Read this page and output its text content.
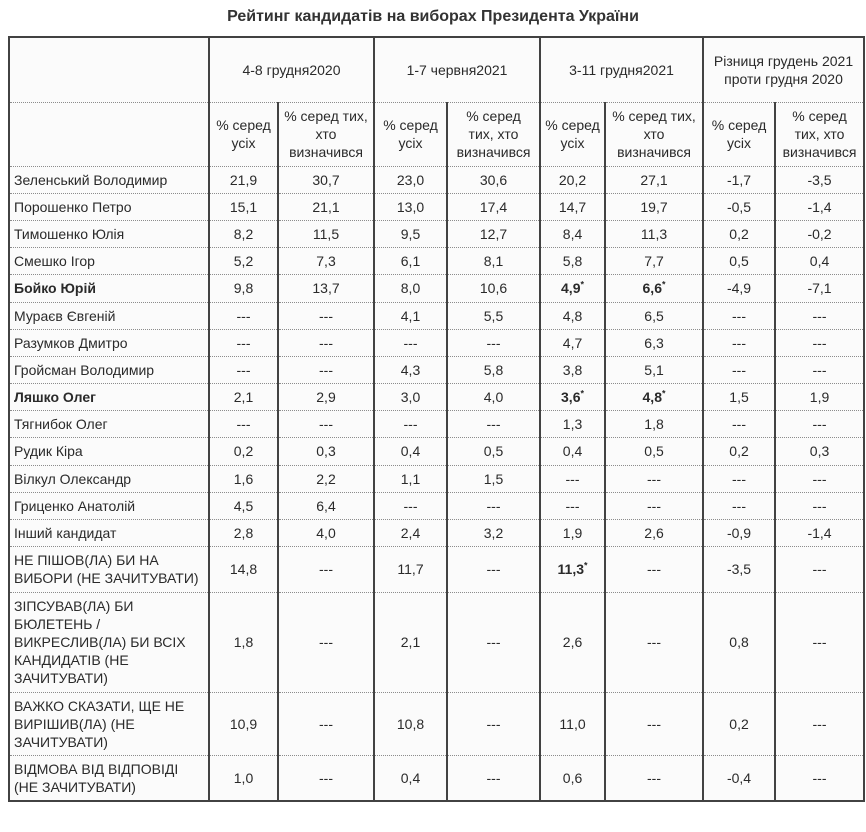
Рейтинг кандидатів на виборах Президента України
	4-8 грудня2020		1-7 червня2021		3-11 грудня2021		Різниця грудень 2021 проти грудня 2020	
	% серед усіх	% серед тих, хто визначився	% серед усіх	% серед тих, хто визначився	% серед усіх	% серед тих, хто визначився	% серед усіх	% серед тих, хто визначився
Зеленський Володимир	21,9	30,7	23,0	30,6	20,2	27,1	-1,7	-3,5
Порошенко Петро	15,1	21,1	13,0	17,4	14,7	19,7	-0,5	-1,4
Тимошенко Юлія	8,2	11,5	9,5	12,7	8,4	11,3	0,2	-0,2
Смешко Ігор	5,2	7,3	6,1	8,1	5,8	7,7	0,5	0,4
Бойко Юрій	9,8	13,7	8,0	10,6	4,9*	6,6*	-4,9	-7,1
Мураєв Євгеній	---	---	4,1	5,5	4,8	6,5	---	---
Разумков Дмитро	---	---	---	---	4,7	6,3	---	---
Гройсман Володимир	---	---	4,3	5,8	3,8	5,1	---	---
Ляшко Олег	2,1	2,9	3,0	4,0	3,6*	4,8*	1,5	1,9
Тягнибок Олег	---	---	---	---	1,3	1,8	---	---
Рудик Кіра	0,2	0,3	0,4	0,5	0,4	0,5	0,2	0,3
Вілкул Олександр	1,6	2,2	1,1	1,5	---	---	---	---
Гриценко Анатолій	4,5	6,4	---	---	---	---	---	---
Інший кандидат	2,8	4,0	2,4	3,2	1,9	2,6	-0,9	-1,4
НЕ ПІШОВ(ЛА) БИ НА ВИБОРИ (НЕ ЗАЧИТУВАТИ)	14,8	---	11,7	---	11,3*	---	-3,5	---
ЗІПСУВАВ(ЛА) БИ БЮЛЕТЕНЬ / ВИКРЕСЛИВ(ЛА) БИ ВСІХ КАНДИДАТІВ (НЕ ЗАЧИТУВАТИ)	1,8	---	2,1	---	2,6	---	0,8	---
ВАЖКО СКАЗАТИ, ЩЕ НЕ ВИРІШИВ(ЛА) (НЕ ЗАЧИТУВАТИ)	10,9	---	10,8	---	11,0	---	0,2	---
ВІДМОВА ВІД ВІДПОВІДІ (НЕ ЗАЧИТУВАТИ)	1,0	---	0,4	---	0,6	---	-0,4	---
